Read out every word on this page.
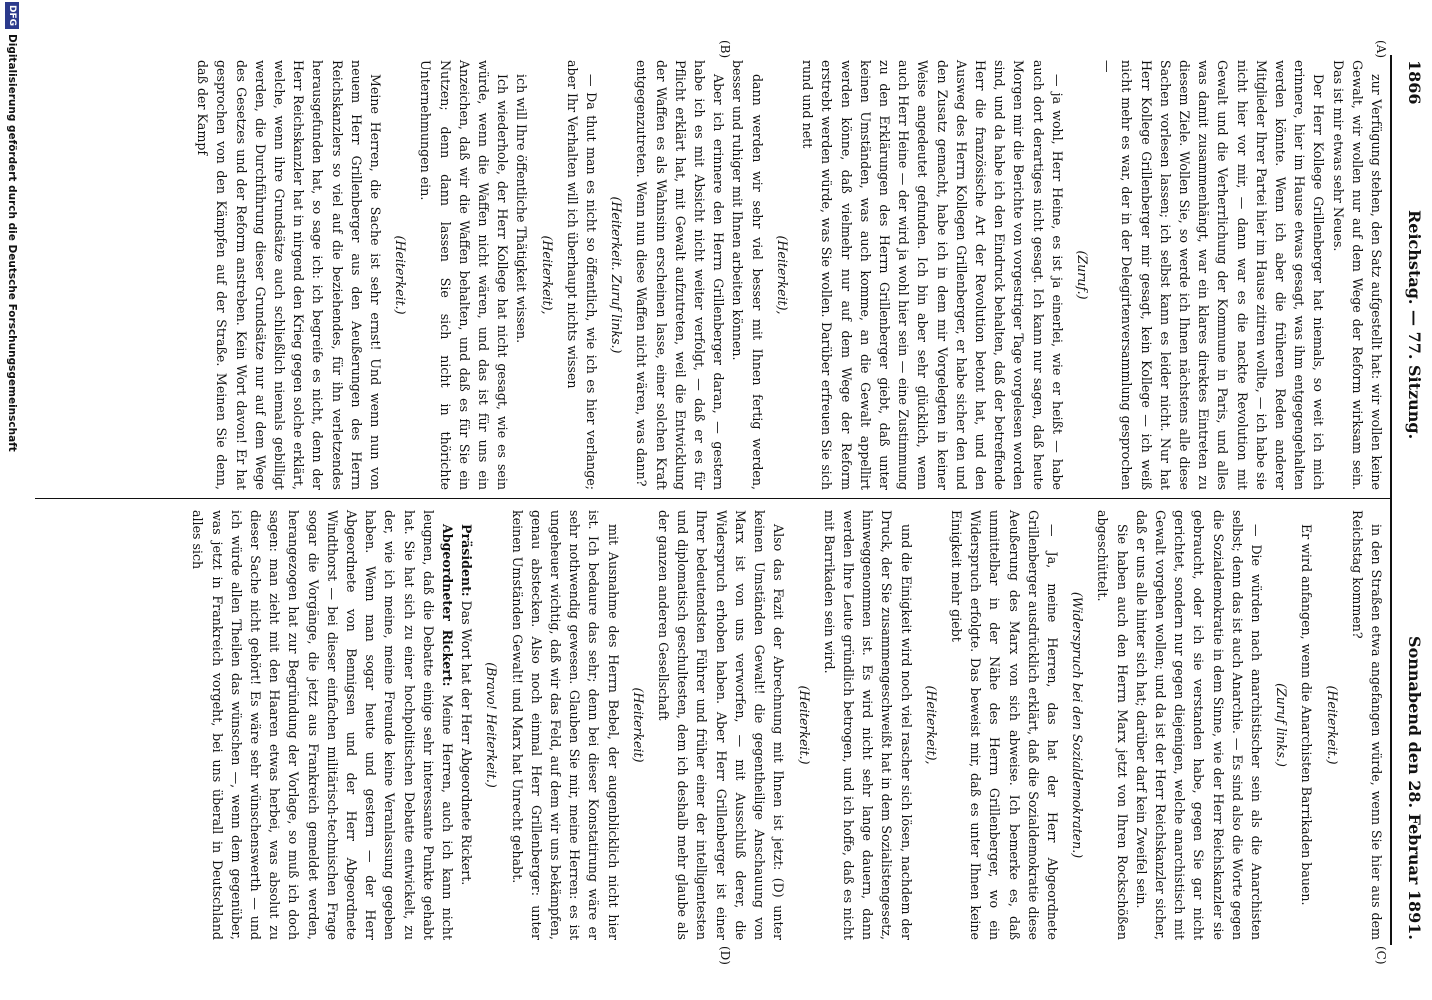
1866
Reichstag. — 77. Sitzung.
Sonnabend den 28. Februar 1891.
(A)
(B)
(C)

zur Verfügung stehen, den Satz aufgestellt hat: wir wollen keine Gewalt, wir wollen nur auf dem Wege der Reform wirksam sein. Das ist mir etwas sehr Neues.

Der Herr Kollege Grillenberger hat niemals, so weit ich mich erinnere, hier im Hause etwas gesagt, was ihm entgegengehalten werden könnte. Wenn ich aber die früheren Reden anderer Mitglieder Ihrer Partei hier im Hause zitiren wollte, — ich habe sie nicht hier vor mir, — dann war es die nackte Revolution mit Gewalt und die Verherrlichung der Kommune in Paris, und alles was damit zusammenhängt, war ein klares direktes Eintreten zu diesem Ziele. Wollen Sie, so werde ich Ihnen nächstens alle diese Sachen vorlesen lassen; ich selbst kann es leider nicht. Nur hat Herr Kollege Grillenberger mir gesagt, kein Kollege — ich weiß nicht mehr es war, der in der Delegirtenversammlung gesprochen —

(Zuruf.)

— ja wohl, Herr Heine, es ist ja einerlei, wie er heißt — habe auch dort derartiges nicht gesagt. Ich kann nur sagen, daß heute Morgen mir die Berichte von vorgestriger Tage vorgelesen worden sind, und da habe ich den Eindruck behalten, daß der betreffende Herr die französische Art der Revolution betont hat, und den Ausweg des Herrn Kollegen Grillenberger, er habe sicher den und den Zusatz gemacht, habe ich in dem mir Vorgelegten in keiner Weise angedeutet gefunden. Ich bin aber sehr glücklich, wenn auch Herr Heine — der wird ja wohl hier sein — eine Zustimmung zu den Erklärungen des Herrn Grillenberger giebt, daß unter keinen Umständen, was auch komme, an die Gewalt appellirt werden könne, daß vielmehr nur auf dem Wege der Reform erstrebt werden würde, was Sie wollen. Darüber erfreuen Sie sich rund und nett

(Heiterkeit),

dann werden wir sehr viel besser mit Ihnen fertig werden, besser und ruhiger mit Ihnen arbeiten können.

Aber ich erinnere den Herrn Grillenberger daran, — gestern habe ich es mit Absicht nicht weiter verfolgt, — daß er es für Pflicht erklärt hat, mit Gewalt aufzutreten, weil die Entwicklung der Waffen es als Wahnsinn erscheinen lasse, einer solchen Kraft entgegenzutreten. Wenn nun diese Waffen nicht wären, was dann?

(Heiterkeit. Zuruf links.)

— Da thut man es nicht so öffentlich, wie ich es hier verlange; aber Ihr Verhalten will ich überhaupt nichts wissen

(Heiterkeit),

ich will Ihre öffentliche Thätigkeit wissen.

Ich wiederhole, der Herr Kollege hat nicht gesagt, wie es sein würde, wenn die Waffen nicht wären, und das ist für uns ein Anzeichen, daß wir die Waffen behalten, und daß es für Sie ein Nutzen; denn dann lassen Sie sich nicht in thörichte Unternehmungen ein.

(Heiterkeit.)

Meine Herren, die Sache ist sehr ernst! Und wenn nun von neuem Herr Grillenberger aus den Aeußerungen des Herrn Reichskanzlers so viel auf die beziehendes, für ihn verletzendes herausgefunden hat, so sage ich: ich begreife es nicht, denn der Herr Reichskanzler hat in nirgend den Krieg gegen solche erklärt, welche, wenn ihre Grundsätze auch schließlich niemals gebilligt werden, die Durchführung dieser Grundsätze nur auf dem Wege des Gesetzes und der Reform anstreben. Kein Wort davon! Er hat gesprochen von den Kämpfen auf der Straße. Meinen Sie denn, daß der Kampf

in den Straßen etwa angefangen würde, wenn Sie hier aus dem Reichstag kommen?

(Heiterkeit.)

Er wird anfangen, wenn die Anarchisten Barrikaden bauen.

(Zuruf links.)

— Die würden nach anarchistischer sein als die Anarchisten selbst; denn das ist auch Anarchie. — Es sind also die Worte gegen die Sozialdemokratie in dem Sinne, wie der Herr Reichskanzler sie gebraucht, oder ich sie verstanden habe, gegen Sie gar nicht gerichtet, sondern nur gegen diejenigen, welche anarchistisch mit Gewalt vorgehen wollen; und da ist der Herr Reichskanzler sicher, daß er uns alle hinter sich hat; darüber darf kein Zweifel sein.

Sie haben auch den Herrn Marx jetzt von Ihren Rockschößen abgeschüttelt.

(Widerspruch bei den Sozialdemokraten.)

— Ja, meine Herren, das hat der Herr Abgeordnete Grillenberger ausdrücklich erklärt, daß die Sozialdemokratie diese Aeußerung des Marx von sich abweise. Ich bemerke es, daß unmittelbar in der Nähe des Herrn Grillenberger, wo ein Widerspruch erfolgte. Das beweist mir, daß es unter Ihnen keine Einigkeit mehr giebt

(Heiterkeit),

und die Einigkeit wird noch viel rascher sich lösen, nachdem der Druck, der Sie zusammengeschweißt hat in dem Sozialistengesetz, hinweggenommen ist. Es wird nicht sehr lange dauern, dann werden Ihre Leute gründlich betrogen, und ich hoffe, daß es nicht mit Barrikaden sein wird.

(Heiterkeit.)

Also das Fazit der Abrechnung mit Ihnen ist jetzt: (D) unter keinen Umständen Gewalt! die gegentheilige Anschauung von Marx ist von uns verworfen, — mit Ausschluß derer, die Widerspruch erhoben haben. Aber Herr Grillenberger ist einer Ihrer bedeutendsten Führer und früher einer der intelligentesten und diplomatisch geschultesten, dem ich deshalb mehr glaube als der ganzen anderen Gesellschaft

(Heiterkeit)

mit Ausnahme des Herrn Bebel, der augenblicklich nicht hier ist. Ich bedaure das sehr; denn bei dieser Konstatirung wäre er sehr nothwendig gewesen. Glauben Sie mir, meine Herren: es ist ungeheuer wichtig, daß wir das Feld, auf dem wir uns bekämpfen, genau abstecken. Also noch einmal Herr Grillenberger: unter keinen Umständen Gewalt! und Marx hat Unrecht gehabt.

(Bravo! Heiterkeit.)

Präsident: Das Wort hat der Herr Abgeordnete Rickert.

Abgeordneter Rickert: Meine Herren, auch ich kann nicht leugnen, daß die Debatte einige sehr interessante Punkte gehabt hat. Sie hat sich zu einer hochpolitischen Debatte entwickelt, zu der, wie ich meine, meine Freunde keine Veranlassung gegeben haben. Wenn man sogar heute und gestern — der Herr Abgeordnete von Bennigsen und der Herr Abgeordnete Windthorst — bei dieser einfachen militärisch-technischen Frage sogar die Vorgänge, die jetzt aus Frankreich gemeldet werden, herangezogen hat zur Begründung der Vorlage, so muß ich doch sagen: man zieht mit den Haaren etwas herbei, was absolut zu dieser Sache nicht gehört! Es wäre sehr wünschenswerth — und ich würde allen Theilen das wünschen —, wenn dem gegenüber, was jetzt in Frankreich vorgeht, bei uns überall in Deutschland alles sich

DFG
Digitalisierung gefördert durch die Deutsche Forschungsgemeinschaft
(D)
